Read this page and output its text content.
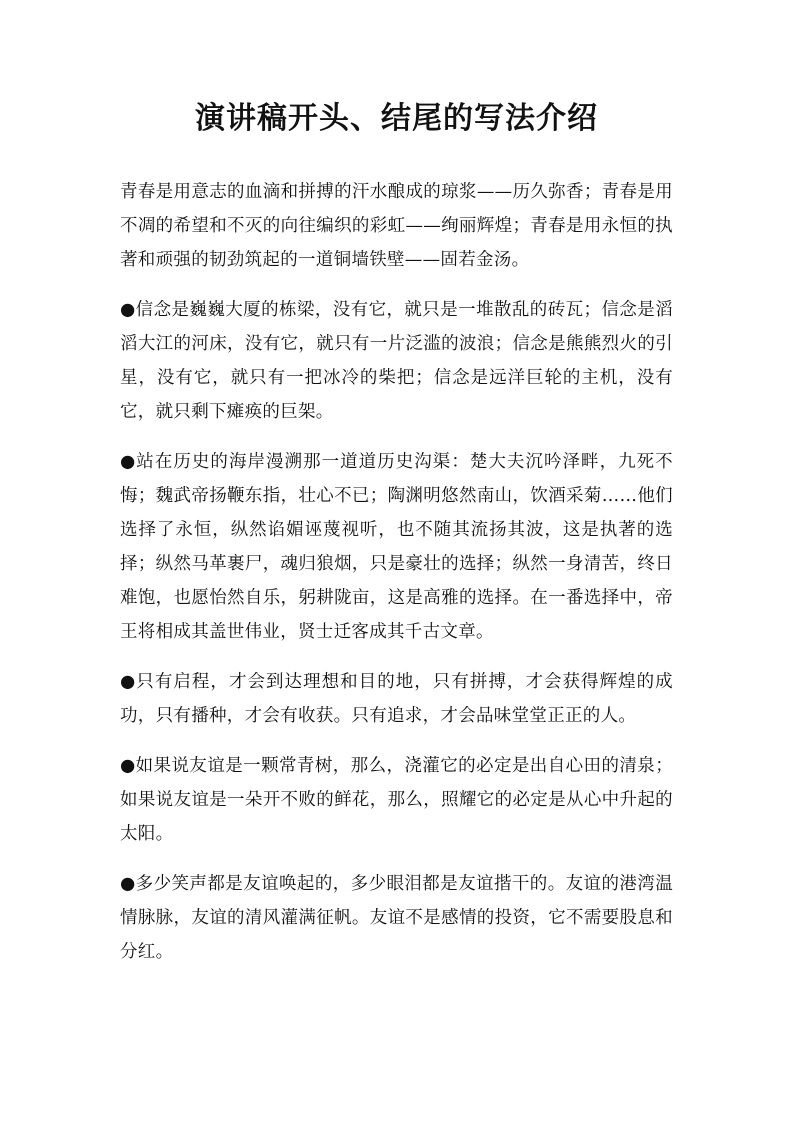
演讲稿开头、结尾的写法介绍

青春是用意志的血滴和拼搏的汗水酿成的琼浆——历久弥香；青春是用不凋的希望和不灭的向往编织的彩虹——绚丽辉煌；青春是用永恒的执著和顽强的韧劲筑起的一道铜墙铁壁——固若金汤。

●信念是巍巍大厦的栋梁，没有它，就只是一堆散乱的砖瓦；信念是滔滔大江的河床，没有它，就只有一片泛滥的波浪；信念是熊熊烈火的引星，没有它，就只有一把冰冷的柴把；信念是远洋巨轮的主机，没有它，就只剩下瘫痪的巨架。

●站在历史的海岸漫溯那一道道历史沟渠：楚大夫沉吟泽畔，九死不悔；魏武帝扬鞭东指，壮心不已；陶渊明悠然南山，饮酒采菊……他们选择了永恒，纵然谄媚诬蔑视听，也不随其流扬其波，这是执著的选择；纵然马革裹尸，魂归狼烟，只是豪壮的选择；纵然一身清苦，终日难饱，也愿怡然自乐，躬耕陇亩，这是高雅的选择。在一番选择中，帝王将相成其盖世伟业，贤士迁客成其千古文章。

●只有启程，才会到达理想和目的地，只有拼搏，才会获得辉煌的成功，只有播种，才会有收获。只有追求，才会品味堂堂正正的人。

●如果说友谊是一颗常青树，那么，浇灌它的必定是出自心田的清泉；如果说友谊是一朵开不败的鲜花，那么，照耀它的必定是从心中升起的太阳。

●多少笑声都是友谊唤起的，多少眼泪都是友谊揩干的。友谊的港湾温情脉脉，友谊的清风灌满征帆。友谊不是感情的投资，它不需要股息和分红。
